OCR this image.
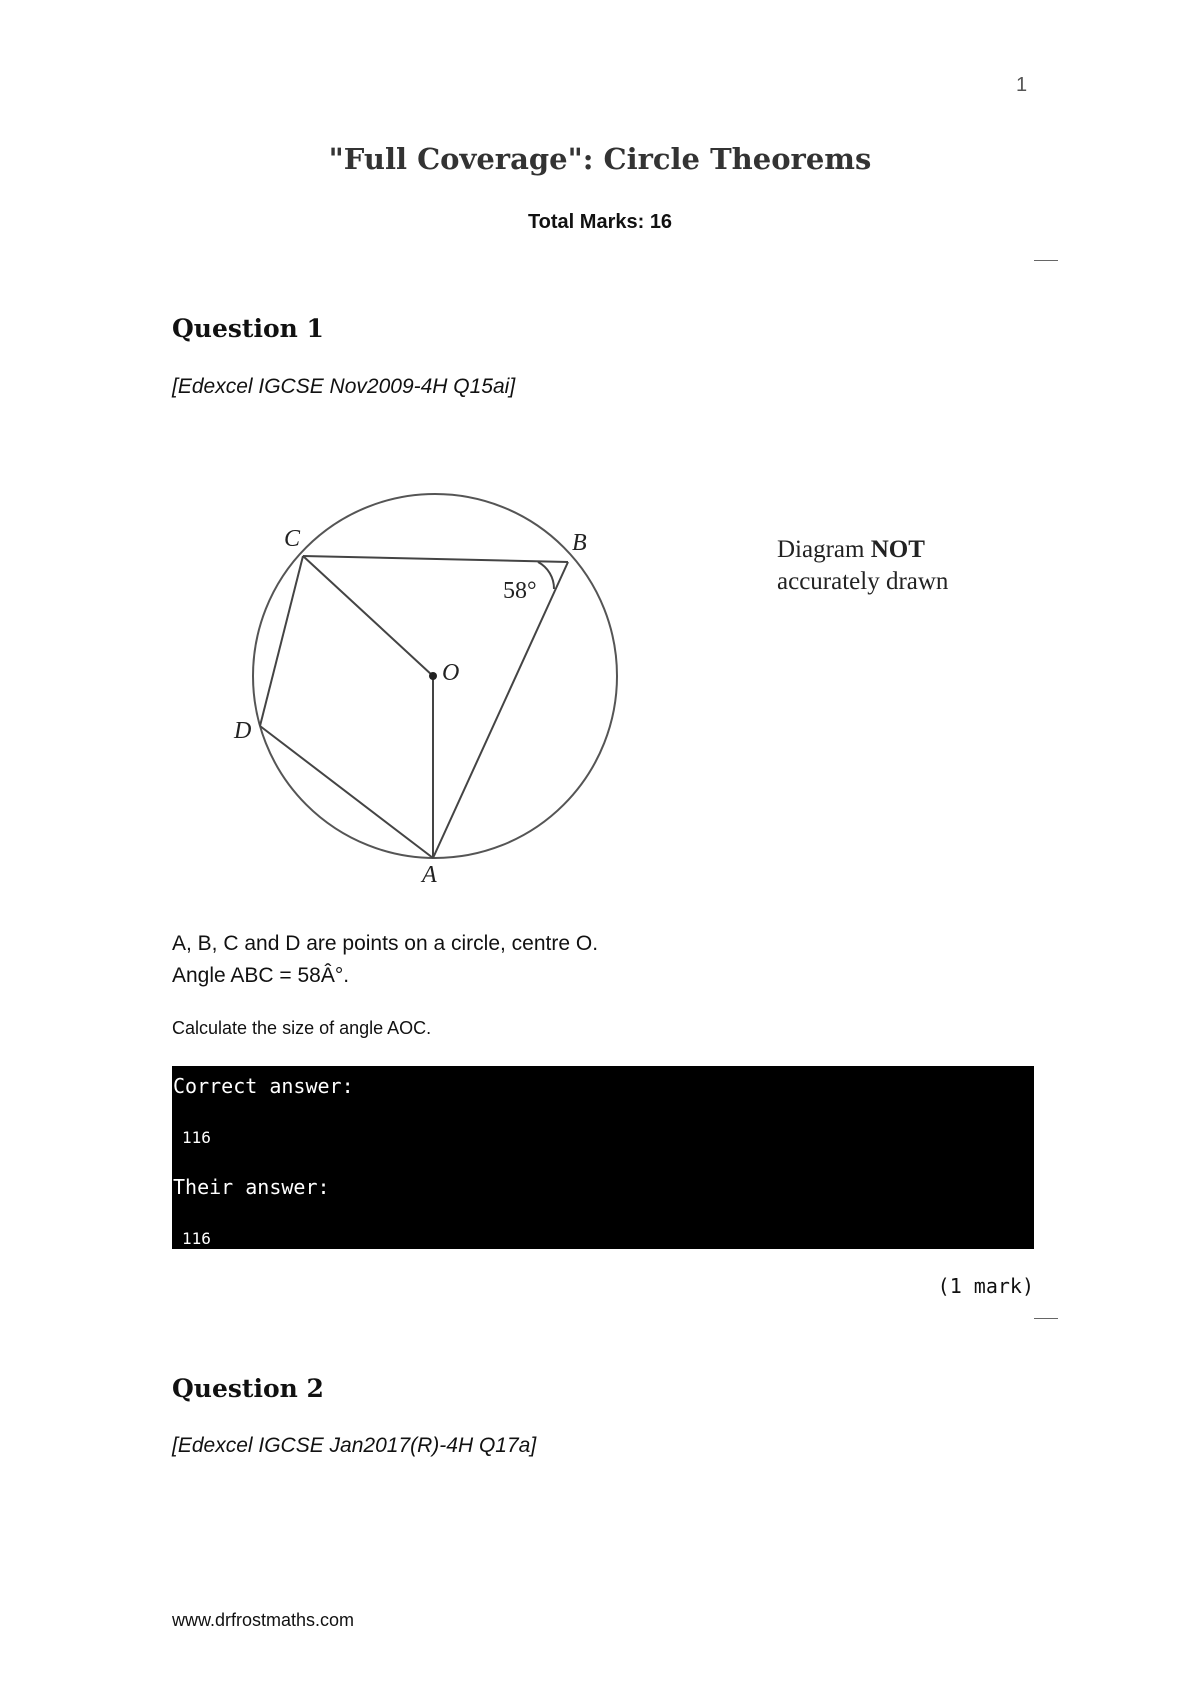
1
"Full Coverage": Circle Theorems
Total Marks: 16
Question 1
[Edexcel IGCSE Nov2009-4H Q15ai]
C	B
O
D
A
58°
Diagram NOT
accurately drawn
A, B, C and D are points on a circle, centre O.
Angle ABC = 58Â°.
Calculate the size of angle AOC.
Correct answer:
116
Their answer:
116
(1 mark)
Question 2
[Edexcel IGCSE Jan2017(R)-4H Q17a]
www.drfrostmaths.com
